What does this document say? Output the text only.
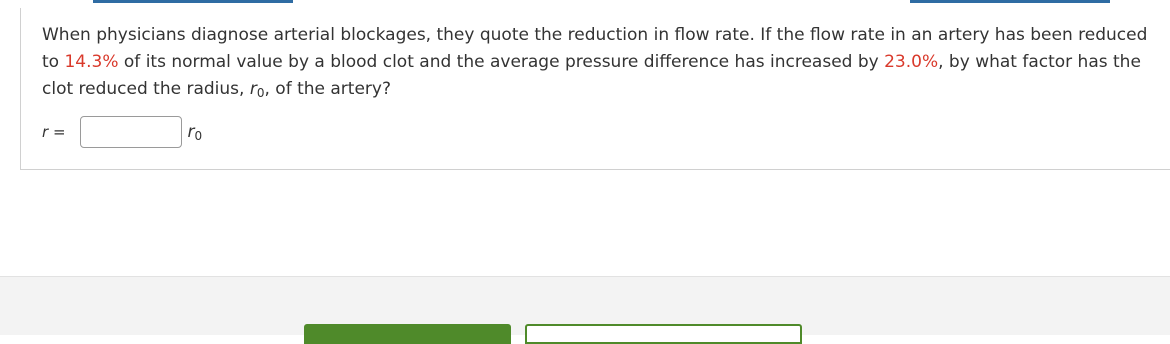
When physicians diagnose arterial blockages, they quote the reduction in flow rate. If the flow rate in an artery has been reduced to 14.3% of its normal value by a blood clot and the average pressure difference has increased by 23.0%, by what factor has the clot reduced the radius, $r_0$, of the artery?
r =	$r_0$
